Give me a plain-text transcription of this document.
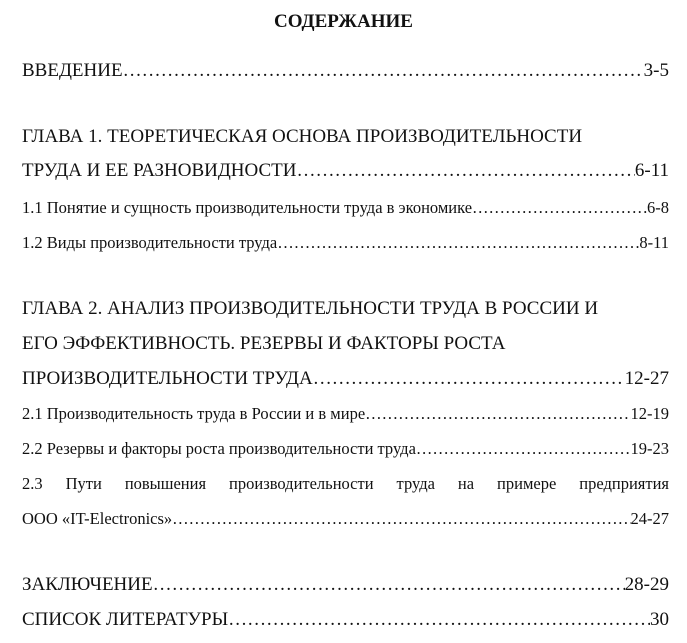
СОДЕРЖАНИЕ
ВВЕДЕНИЕ ………………………………………………………………………………………………………………………………………………………………	3-5
ГЛАВА 1. ТЕОРЕТИЧЕСКАЯ ОСНОВА ПРОИЗВОДИТЕЛЬНОСТИ
ТРУДА И ЕЕ РАЗНОВИДНОСТИ ………………………………………………………………………………………………………………………………………………………………	6-11
1.1 Понятие и сущность производительности труда в экономике ………………………………………………………………………………………………………………………………………………………………	6-8
1.2 Виды производительности труда ………………………………………………………………………………………………………………………………………………………………	8-11
ГЛАВА 2. АНАЛИЗ ПРОИЗВОДИТЕЛЬНОСТИ ТРУДА В РОССИИ И
ЕГО ЭФФЕКТИВНОСТЬ. РЕЗЕРВЫ И ФАКТОРЫ РОСТА
ПРОИЗВОДИТЕЛЬНОСТИ ТРУДА ………………………………………………………………………………………………………………………………………………………………	12-27
2.1 Производительность труда в России и в мире ………………………………………………………………………………………………………………………………………………………………	12-19
2.2 Резервы и факторы роста производительности труда ………………………………………………………………………………………………………………………………………………………………	19-23
2.3 Пути повышения производительности труда на примере предприятия
ООО «IT-Electronics» ………………………………………………………………………………………………………………………………………………………………	24-27
ЗАКЛЮЧЕНИЕ ………………………………………………………………………………………………………………………………………………………………	28-29
СПИСОК ЛИТЕРАТУРЫ ………………………………………………………………………………………………………………………………………………………………	30
